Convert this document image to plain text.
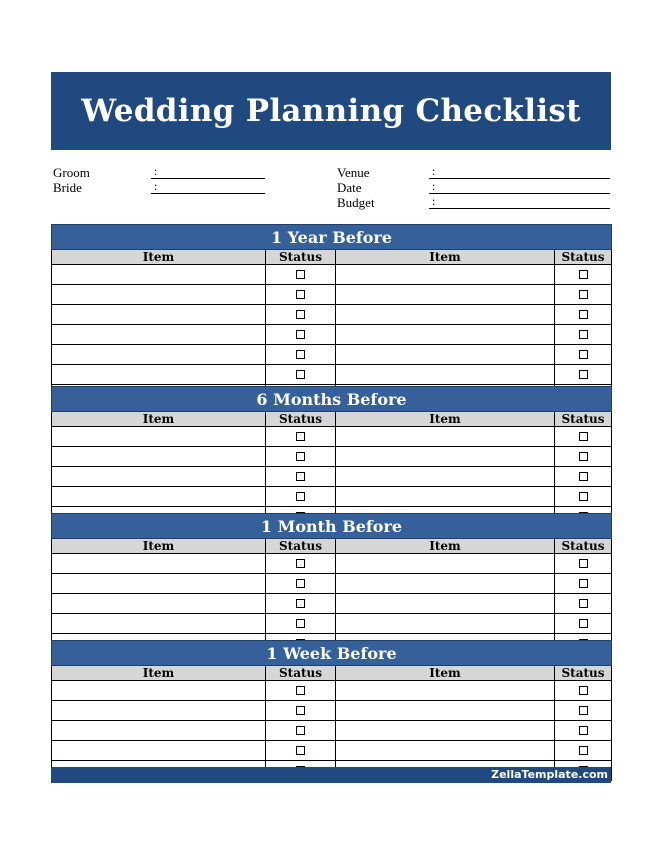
Wedding Planning Checklist
Groom	:
Bride	:
Venue	:
Date	:
Budget	:
1 Year Before			
Item	Status	Item	Status

6 Months Before			
Item	Status	Item	Status

1 Month Before			
Item	Status	Item	Status

1 Week Before			
Item	Status	Item	Status

ZellaTemplate.com
